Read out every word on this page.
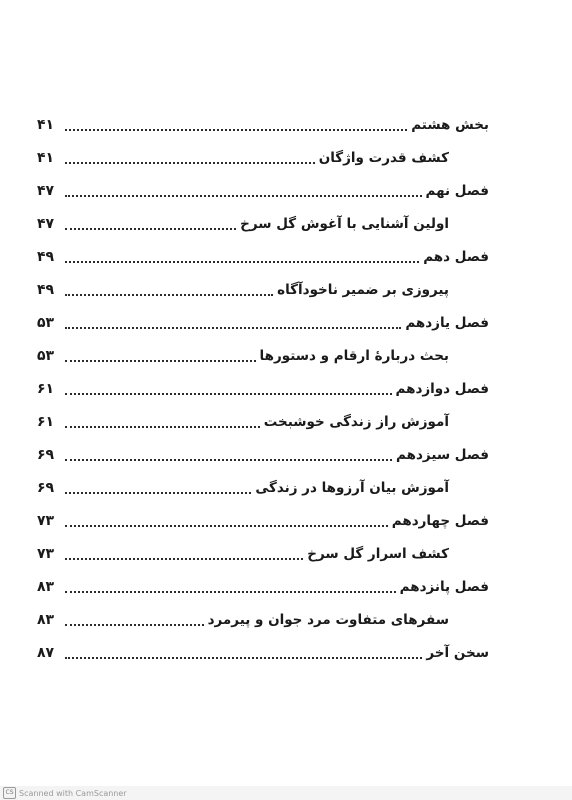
۴۱	بخش هشتم
۴۱	کشف قدرت واژگان
۴۷	فصل نهم
۴۷	اولین آشنایی با آغوش گل سرخ
۴۹	فصل دهم
۴۹	پیروزی بر ضمیر ناخودآگاه
۵۳	فصل یازدهم
۵۳	بحث دربارۀ ارقام و دستورها
۶۱	فصل دوازدهم
۶۱	آموزش راز زندگی خوشبخت
۶۹	فصل سیزدهم
۶۹	آموزش بیان آرزوها در زندگی
۷۳	فصل چهاردهم
۷۳	کشف اسرار گل سرخ
۸۳	فصل پانزدهم
۸۳	سفرهای متفاوت مرد جوان و پیرمرد
۸۷	سخن آخر
CS Scanned with CamScanner
